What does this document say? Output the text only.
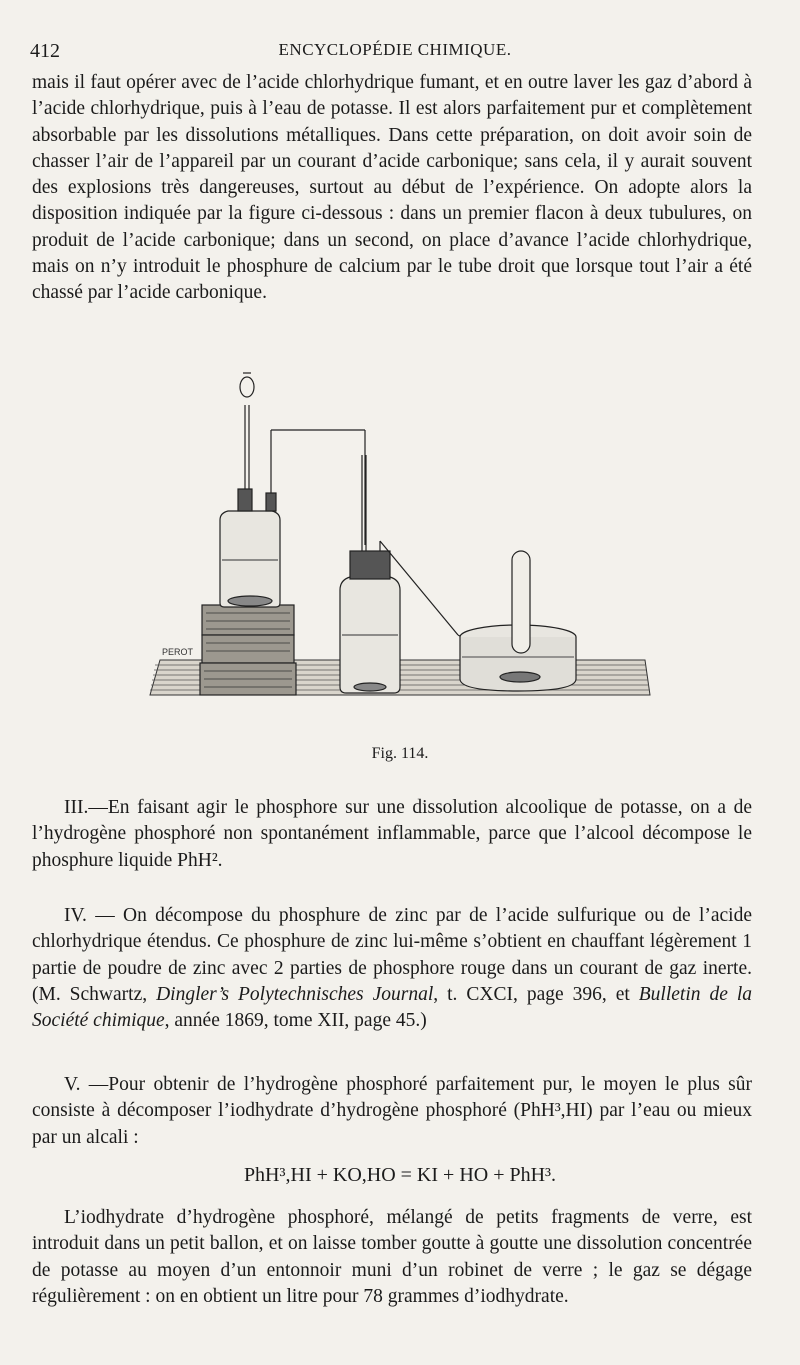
412	ENCYCLOPÉDIE CHIMIQUE.

mais il faut opérer avec de l’acide chlorhydrique fumant, et en outre laver les gaz d’abord à l’acide chlorhydrique, puis à l’eau de potasse. Il est alors parfaitement pur et complètement absorbable par les dissolutions métalliques. Dans cette préparation, on doit avoir soin de chasser l’air de l’appareil par un courant d’acide carbonique; sans cela, il y aurait souvent des explosions très dangereuses, surtout au début de l’expérience. On adopte alors la disposition indiquée par la figure ci-dessous : dans un premier flacon à deux tubulures, on produit de l’acide carbonique; dans un second, on place d’avance l’acide chlorhydrique, mais on n’y introduit le phosphure de calcium par le tube droit que lorsque tout l’air a été chassé par l’acide carbonique.

PEROT
Fig. 114.

III.—En faisant agir le phosphore sur une dissolution alcoolique de potasse, on a de l’hydrogène phosphoré non spontanément inflammable, parce que l’alcool décompose le phosphure liquide PhH².

IV. — On décompose du phosphure de zinc par de l’acide sulfurique ou de l’acide chlorhydrique étendus. Ce phosphure de zinc lui-même s’obtient en chauffant légèrement 1 partie de poudre de zinc avec 2 parties de phosphore rouge dans un courant de gaz inerte. (M. Schwartz, Dingler’s Polytechnisches Journal, t. CXCI, page 396, et Bulletin de la Société chimique, année 1869, tome XII, page 45.)

V. —Pour obtenir de l’hydrogène phosphoré parfaitement pur, le moyen le plus sûr consiste à décomposer l’iodhydrate d’hydrogène phosphoré (PhH³,HI) par l’eau ou mieux par un alcali :

PhH³,HI + KO,HO = KI + HO + PhH³.

L’iodhydrate d’hydrogène phosphoré, mélangé de petits fragments de verre, est introduit dans un petit ballon, et on laisse tomber goutte à goutte une dissolution concentrée de potasse au moyen d’un entonnoir muni d’un robinet de verre ; le gaz se dégage régulièrement : on en obtient un litre pour 78 grammes d’iodhydrate.
